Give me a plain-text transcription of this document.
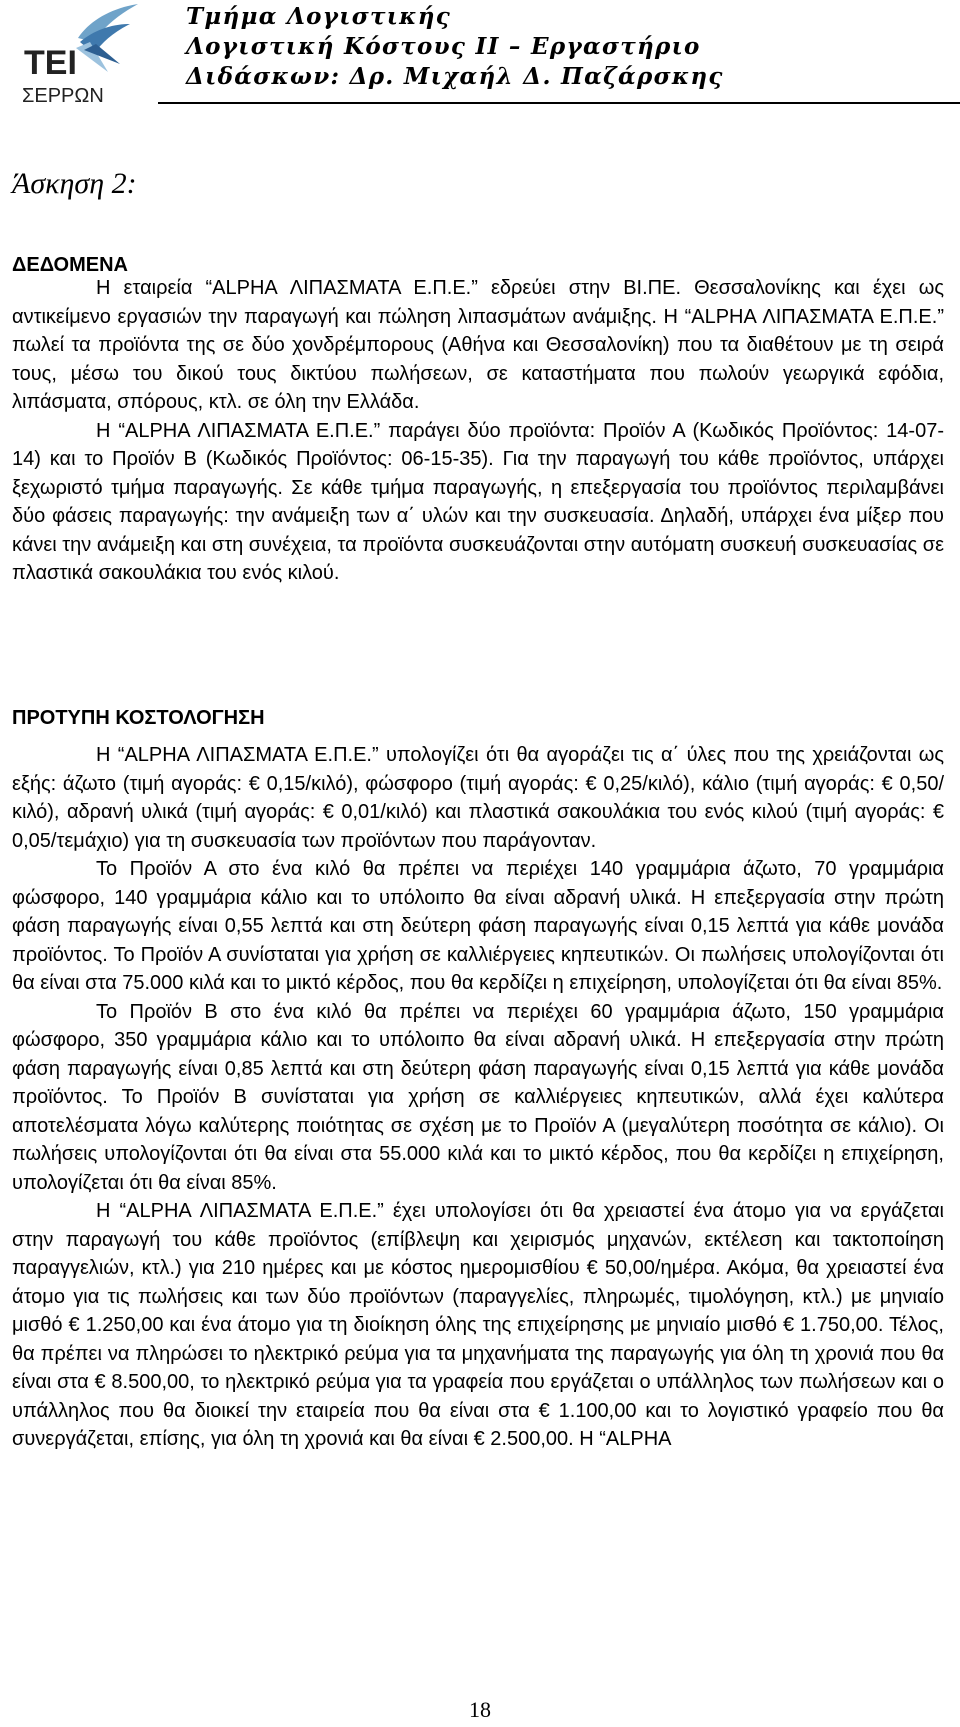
ΤΕΙ
ΣΕΡΡΩΝ
Τμήμα Λογιστικής
Λογιστική Κόστους ΙΙ – Εργαστήριο
Διδάσκων: Δρ. Μιχαήλ Δ. Παζάρσκης
Άσκηση 2:
ΔΕΔΟΜΕΝΑ

Η εταιρεία “ALPHA ΛΙΠΑΣΜΑΤΑ Ε.Π.Ε.” εδρεύει στην ΒΙ.ΠΕ. Θεσσαλονίκης και έχει ως αντικείμενο εργασιών την παραγωγή και πώληση λιπασμάτων ανάμιξης. Η “ALPHA ΛΙΠΑΣΜΑΤΑ Ε.Π.Ε.” πωλεί τα προϊόντα της σε δύο χονδρέμπορους (Αθήνα και Θεσσαλονίκη) που τα διαθέτουν με τη σειρά τους, μέσω του δικού τους δικτύου πωλήσεων, σε καταστήματα που πωλούν γεωργικά εφόδια, λιπάσματα, σπόρους, κτλ. σε όλη την Ελλάδα.

Η “ALPHA ΛΙΠΑΣΜΑΤΑ Ε.Π.Ε.” παράγει δύο προϊόντα: Προϊόν Α (Κωδικός Προϊόντος: 14-07-14) και το Προϊόν Β (Κωδικός Προϊόντος: 06-15-35). Για την παραγωγή του κάθε προϊόντος, υπάρχει ξεχωριστό τμήμα παραγωγής. Σε κάθε τμήμα παραγωγής, η επεξεργασία του προϊόντος περιλαμβάνει δύο φάσεις παραγωγής: την ανάμειξη των α΄ υλών και την συσκευασία. Δηλαδή, υπάρχει ένα μίξερ που κάνει την ανάμειξη και στη συνέχεια, τα προϊόντα συσκευάζονται στην αυτόματη συσκευή συσκευασίας σε πλαστικά σακουλάκια του ενός κιλού.

ΠΡΟΤΥΠΗ ΚΟΣΤΟΛΟΓΗΣΗ

Η “ALPHA ΛΙΠΑΣΜΑΤΑ Ε.Π.Ε.” υπολογίζει ότι θα αγοράζει τις α΄ ύλες που της χρειάζονται ως εξής: άζωτο (τιμή αγοράς: € 0,15/κιλό), φώσφορο (τιμή αγοράς: € 0,25/κιλό), κάλιο (τιμή αγοράς: € 0,50/κιλό), αδρανή υλικά (τιμή αγοράς: € 0,01/κιλό) και πλαστικά σακουλάκια του ενός κιλού (τιμή αγοράς: € 0,05/τεμάχιο) για τη συσκευασία των προϊόντων που παράγονταν.

Το Προϊόν Α στο ένα κιλό θα πρέπει να περιέχει 140 γραμμάρια άζωτο, 70 γραμμάρια φώσφορο, 140 γραμμάρια κάλιο και το υπόλοιπο θα είναι αδρανή υλικά. Η επεξεργασία στην πρώτη φάση παραγωγής είναι 0,55 λεπτά και στη δεύτερη φάση παραγωγής είναι 0,15 λεπτά για κάθε μονάδα προϊόντος. Το Προϊόν Α συνίσταται για χρήση σε καλλιέργειες κηπευτικών. Οι πωλήσεις υπολογίζονται ότι θα είναι στα 75.000 κιλά και το μικτό κέρδος, που θα κερδίζει η επιχείρηση, υπολογίζεται ότι θα είναι 85%.

Το Προϊόν Β στο ένα κιλό θα πρέπει να περιέχει 60 γραμμάρια άζωτο, 150 γραμμάρια φώσφορο, 350 γραμμάρια κάλιο και το υπόλοιπο θα είναι αδρανή υλικά. Η επεξεργασία στην πρώτη φάση παραγωγής είναι 0,85 λεπτά και στη δεύτερη φάση παραγωγής είναι 0,15 λεπτά για κάθε μονάδα προϊόντος. Το Προϊόν Β συνίσταται για χρήση σε καλλιέργειες κηπευτικών, αλλά έχει καλύτερα αποτελέσματα λόγω καλύτερης ποιότητας σε σχέση με το Προϊόν Α (μεγαλύτερη ποσότητα σε κάλιο). Οι πωλήσεις υπολογίζονται ότι θα είναι στα 55.000 κιλά και το μικτό κέρδος, που θα κερδίζει η επιχείρηση, υπολογίζεται ότι θα είναι 85%.

Η “ALPHA ΛΙΠΑΣΜΑΤΑ Ε.Π.Ε.” έχει υπολογίσει ότι θα χρειαστεί ένα άτομο για να εργάζεται στην παραγωγή του κάθε προϊόντος (επίβλεψη και χειρισμός μηχανών, εκτέλεση και τακτοποίηση παραγγελιών, κτλ.) για 210 ημέρες και με κόστος ημερομισθίου € 50,00/ημέρα. Ακόμα, θα χρειαστεί ένα άτομο για τις πωλήσεις και των δύο προϊόντων (παραγγελίες, πληρωμές, τιμολόγηση, κτλ.) με μηνιαίο μισθό € 1.250,00 και ένα άτομο για τη διοίκηση όλης της επιχείρησης με μηνιαίο μισθό € 1.750,00. Τέλος, θα πρέπει να πληρώσει το ηλεκτρικό ρεύμα για τα μηχανήματα της παραγωγής για όλη τη χρονιά που θα είναι στα € 8.500,00, το ηλεκτρικό ρεύμα για τα γραφεία που εργάζεται ο υπάλληλος των πωλήσεων και ο υπάλληλος που θα διοικεί την εταιρεία που θα είναι στα € 1.100,00 και το λογιστικό γραφείο που θα συνεργάζεται, επίσης, για όλη τη χρονιά και θα είναι € 2.500,00. Η “ALPHA

18
